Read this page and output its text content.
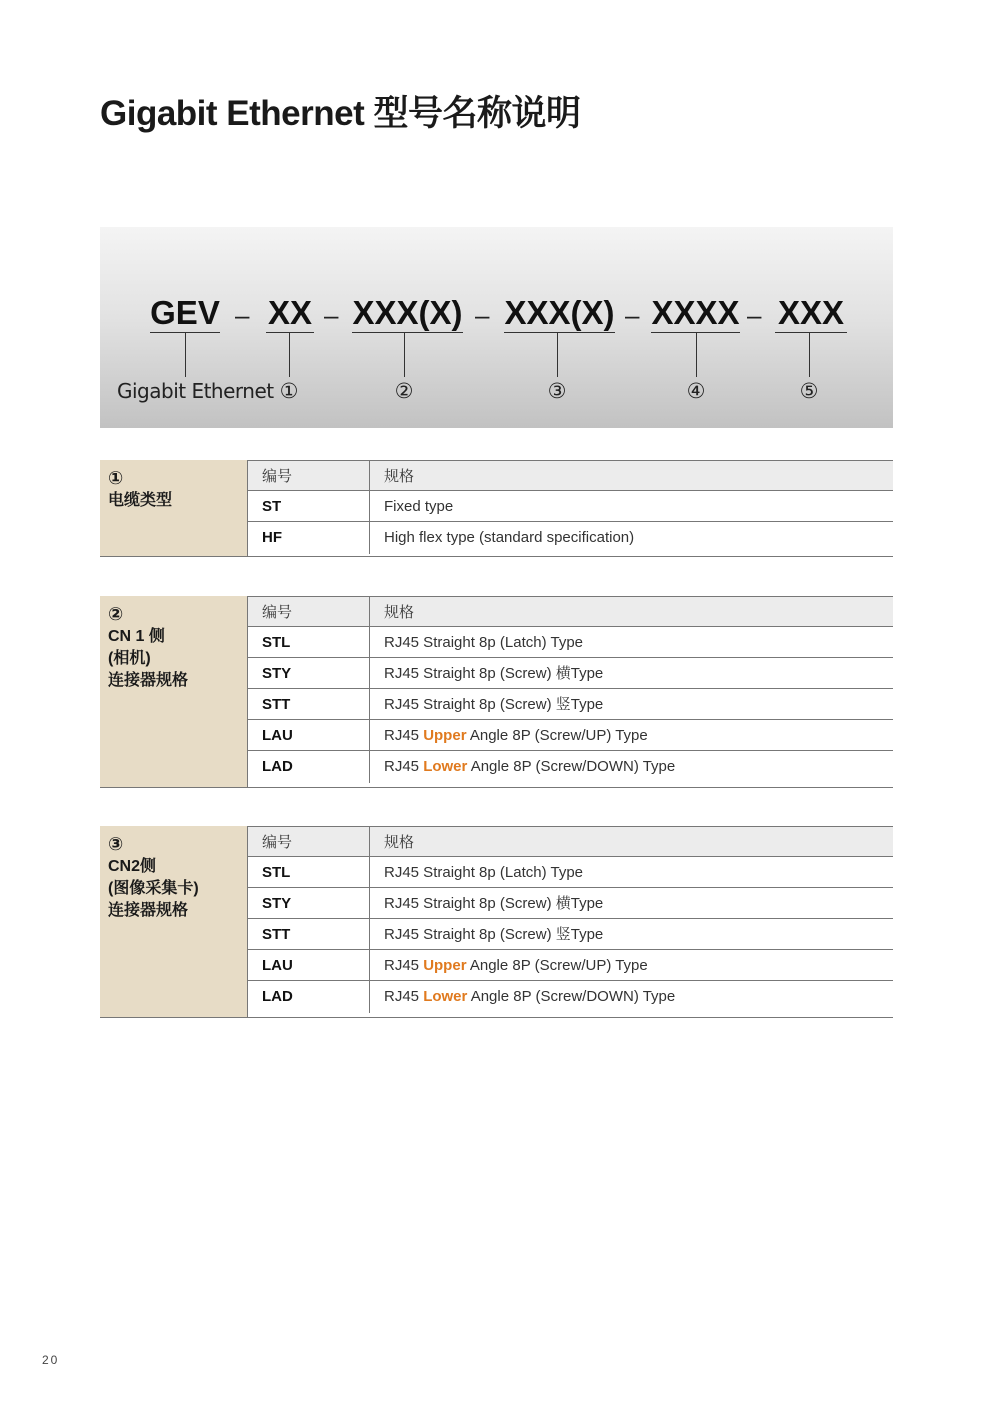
Gigabit Ethernet 型号名称说明
GEV – XX – XXX(X) – XXX(X) – XXXX – XXX
Gigabit Ethernet ①	②	③	④	⑤
①
电缆类型
编号	规格
ST	Fixed type
HF	High flex type (standard specification)
②
CN 1 侧
(相机)
连接器规格
编号	规格
STL	RJ45 Straight 8p (Latch) Type
STY	RJ45 Straight 8p (Screw) 横Type
STT	RJ45 Straight 8p (Screw) 竖Type
LAU	RJ45 Upper Angle 8P (Screw/UP) Type
LAD	RJ45 Lower Angle 8P (Screw/DOWN) Type
③
CN2侧
(图像采集卡)
连接器规格
编号	规格
STL	RJ45 Straight 8p (Latch) Type
STY	RJ45 Straight 8p (Screw) 横Type
STT	RJ45 Straight 8p (Screw) 竖Type
LAU	RJ45 Upper Angle 8P (Screw/UP) Type
LAD	RJ45 Lower Angle 8P (Screw/DOWN) Type
20
